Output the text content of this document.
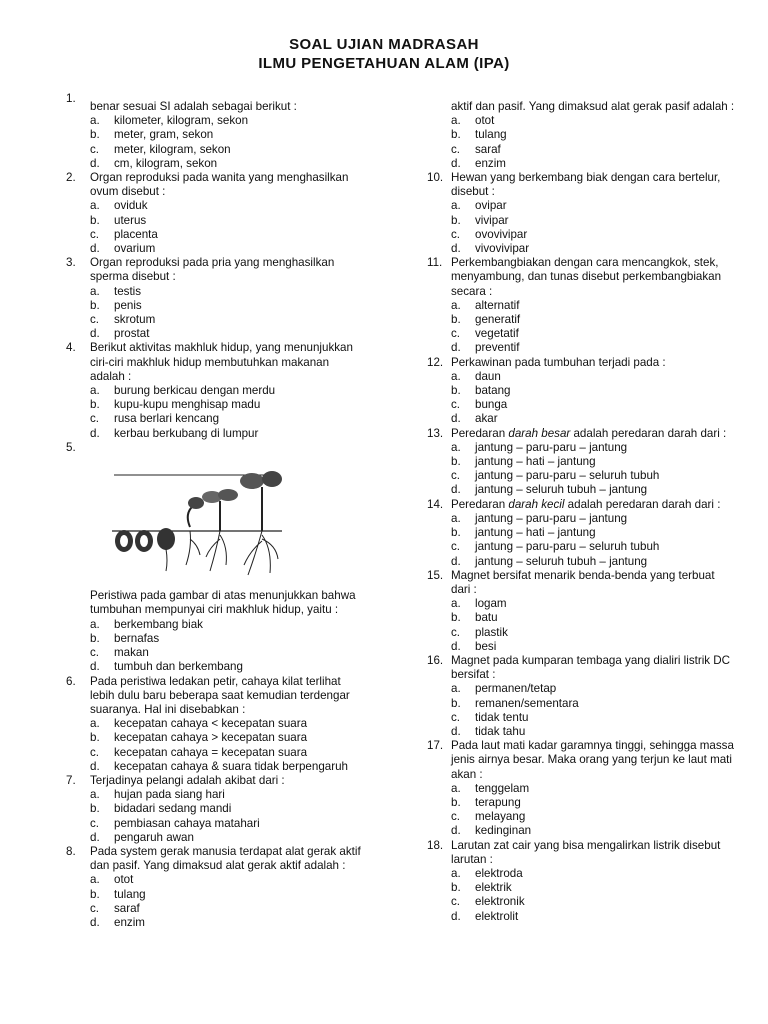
SOAL UJIAN MADRASAH
ILMU PENGETAHUAN ALAM (IPA)
1.
benar sesuai SI adalah sebagai berikut :
a.	kilometer, kilogram, sekon
b.	meter, gram, sekon
c.	meter, kilogram, sekon
d.	cm, kilogram, sekon
2.	Organ reproduksi pada wanita yang menghasilkan ovum disebut :
a.	oviduk
b.	uterus
c.	placenta
d.	ovarium
3.	Organ reproduksi pada pria yang menghasilkan sperma disebut :
a.	testis
b.	penis
c.	skrotum
d.	prostat
4.	Berikut aktivitas makhluk hidup, yang menunjukkan ciri-ciri makhluk hidup membutuhkan makanan adalah :
a.	burung berkicau dengan merdu
b.	kupu-kupu menghisap madu
c.	rusa berlari kencang
d.	kerbau berkubang di lumpur
5.
Peristiwa pada gambar di atas menunjukkan bahwa tumbuhan mempunyai ciri makhluk hidup, yaitu :
a.	berkembang biak
b.	bernafas
c.	makan
d.	tumbuh dan berkembang
6.	Pada peristiwa ledakan petir, cahaya kilat terlihat lebih dulu baru beberapa saat kemudian terdengar suaranya. Hal ini disebabkan :
a.	kecepatan cahaya < kecepatan suara
b.	kecepatan cahaya > kecepatan suara
c.	kecepatan cahaya = kecepatan suara
d.	kecepatan cahaya & suara tidak berpengaruh
7.	Terjadinya pelangi adalah akibat dari :
a.	hujan pada siang hari
b.	bidadari sedang mandi
c.	pembiasan cahaya matahari
d.	pengaruh awan
8.	Pada system gerak manusia terdapat alat gerak aktif dan pasif. Yang dimaksud alat gerak aktif adalah :
a.	otot
b.	tulang
c.	saraf
d.	enzim
aktif dan pasif. Yang dimaksud alat gerak pasif adalah :
a.	otot
b.	tulang
c.	saraf
d.	enzim
10. Hewan yang berkembang biak dengan cara bertelur, disebut :
a.	ovipar
b.	vivipar
c.	ovovivipar
d.	vivovivipar
11. Perkembangbiakan dengan cara mencangkok, stek, menyambung, dan tunas disebut perkembangbiakan secara :
a.	alternatif
b.	generatif
c.	vegetatif
d.	preventif
12. Perkawinan pada tumbuhan terjadi pada :
a.	daun
b.	batang
c.	bunga
d.	akar
13. Peredaran darah besar adalah peredaran darah dari :
a.	jantung – paru-paru – jantung
b.	jantung – hati – jantung
c.	jantung – paru-paru – seluruh tubuh
d.	jantung – seluruh tubuh – jantung
14. Peredaran darah kecil adalah peredaran darah dari :
a.	jantung – paru-paru – jantung
b.	jantung – hati – jantung
c.	jantung – paru-paru – seluruh tubuh
d.	jantung – seluruh tubuh – jantung
15. Magnet bersifat menarik benda-benda yang terbuat dari :
a.	logam
b.	batu
c.	plastik
d.	besi
16. Magnet pada kumparan tembaga yang dialiri listrik DC bersifat :
a.	permanen/tetap
b.	remanen/sementara
c.	tidak tentu
d.	tidak tahu
17. Pada laut mati kadar garamnya tinggi, sehingga massa jenis airnya besar. Maka orang yang terjun ke laut mati akan :
a.	tenggelam
b.	terapung
c.	melayang
d.	kedinginan
18. Larutan zat cair yang bisa mengalirkan listrik disebut larutan :
a.	elektroda
b.	elektrik
c.	elektronik
d.	elektrolit
